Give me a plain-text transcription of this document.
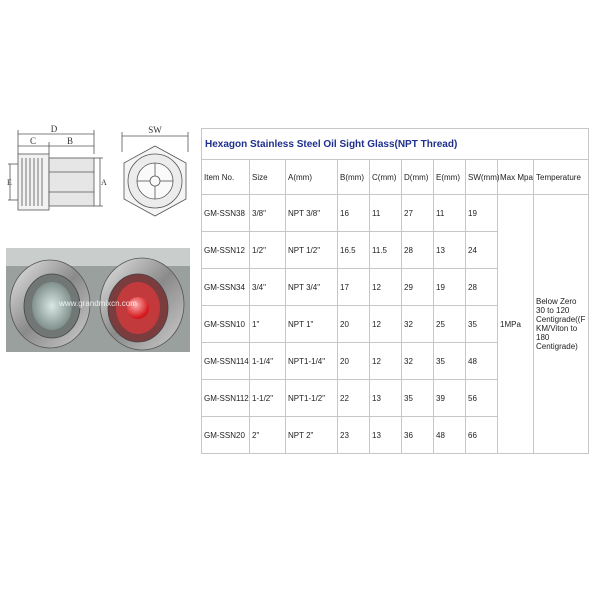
D
C	B
E	A
SW
www.grandmixcn.com
Hexagon Stainless Steel Oil Sight Glass(NPT Thread)									
Item No.	Size	A(mm)	B(mm)	C(mm)	D(mm)	E(mm)	SW(mm)	Max Mpa	Temperature
GM-SSN38	3/8"	NPT 3/8"	16	11	27	11	19	1MPa	Below Zero 30 to 120 Centigrade((F KM/Viton to 180 Centigrade)
GM-SSN12	1/2"	NPT 1/2"	16.5	11.5	28	13	24		
GM-SSN34	3/4"	NPT 3/4"	17	12	29	19	28		
GM-SSN10	1"	NPT 1"	20	12	32	25	35		
GM-SSN114	1-1/4"	NPT1-1/4"	20	12	32	35	48		
GM-SSN112	1-1/2"	NPT1-1/2"	22	13	35	39	56		
GM-SSN20	2"	NPT 2"	23	13	36	48	66		
